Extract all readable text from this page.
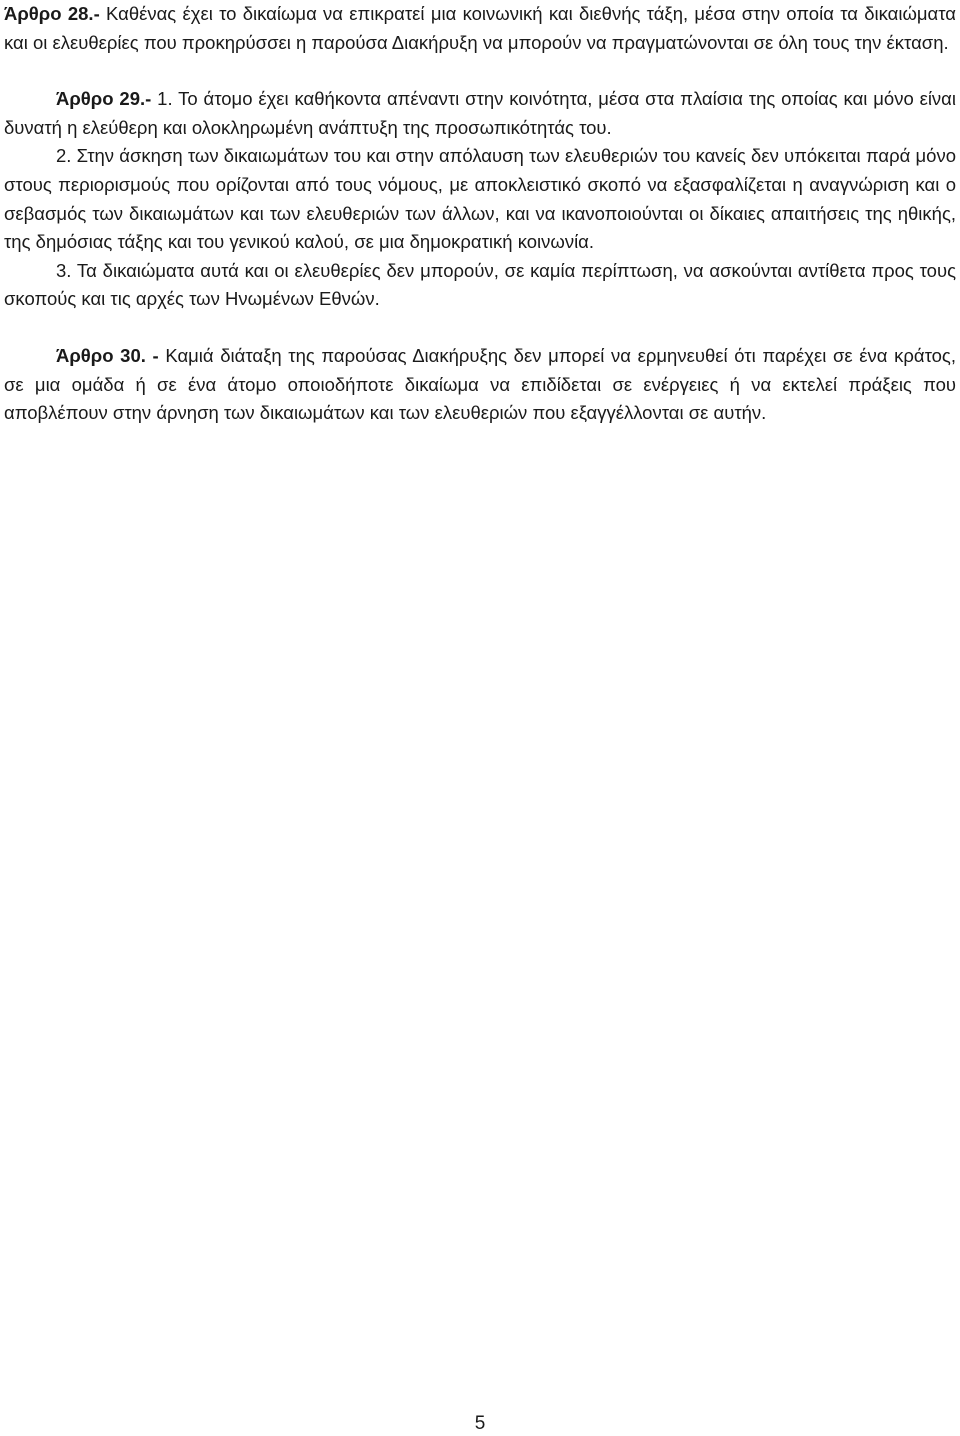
Άρθρο 28.- Καθένας έχει το δικαίωμα να επικρατεί μια κοινωνική και διεθνής τάξη, μέσα στην οποία τα δικαιώματα και οι ελευθερίες που προκηρύσσει η παρούσα Διακήρυξη να μπορούν να πραγματώνονται σε όλη τους την έκταση.

Άρθρο 29.- 1. Το άτομο έχει καθήκοντα απέναντι στην κοινότητα, μέσα στα πλαίσια της οποίας και μόνο είναι δυνατή η ελεύθερη και ολοκληρωμένη ανάπτυξη της προσωπικότητάς του.

2. Στην άσκηση των δικαιωμάτων του και στην απόλαυση των ελευθεριών του κανείς δεν υπόκειται παρά μόνο στους περιορισμούς που ορίζονται από τους νόμους, με αποκλειστικό σκοπό να εξασφαλίζεται η αναγνώριση και ο σεβασμός των δικαιωμάτων και των ελευθεριών των άλλων, και να ικανοποιούνται οι δίκαιες απαιτήσεις της ηθικής, της δημόσιας τάξης και του γενικού καλού, σε μια δημοκρατική κοινωνία.

3. Τα δικαιώματα αυτά και οι ελευθερίες δεν μπορούν, σε καμία περίπτωση, να ασκούνται αντίθετα προς τους σκοπούς και τις αρχές των Ηνωμένων Εθνών.

Άρθρο 30. - Καμιά διάταξη της παρούσας Διακήρυξης δεν μπορεί να ερμηνευθεί ότι παρέχει σε ένα κράτος, σε μια ομάδα ή σε ένα άτομο οποιοδήποτε δικαίωμα να επιδίδεται σε ενέργειες ή να εκτελεί πράξεις που αποβλέπουν στην άρνηση των δικαιωμάτων και των ελευθεριών που εξαγγέλλονται σε αυτήν.

5
